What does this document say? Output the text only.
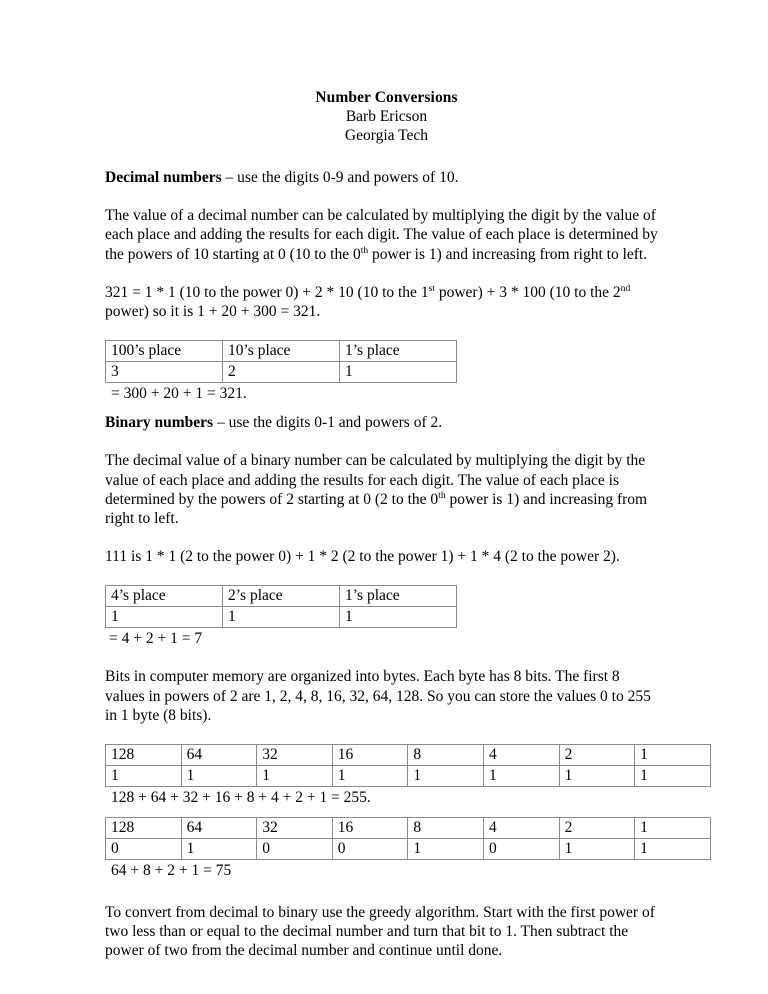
Number Conversions
Barb Ericson
Georgia Tech

Decimal numbers – use the digits 0-9 and powers of 10.

The value of a decimal number can be calculated by multiplying the digit by the value of each place and adding the results for each digit. The value of each place is determined by the powers of 10 starting at 0 (10 to the 0th power is 1) and increasing from right to left.

321 = 1 * 1 (10 to the power 0) + 2 * 10 (10 to the 1st power) + 3 * 100 (10 to the 2nd power) so it is 1 + 20 + 300 = 321.

100’s place	10’s place	1’s place
3	2	1
= 300 + 20 + 1 = 321.

Binary numbers – use the digits 0-1 and powers of 2.

The decimal value of a binary number can be calculated by multiplying the digit by the value of each place and adding the results for each digit. The value of each place is determined by the powers of 2 starting at 0 (2 to the 0th power is 1) and increasing from right to left.

111 is 1 * 1 (2 to the power 0) + 1 * 2 (2 to the power 1) + 1 * 4 (2 to the power 2).

4’s place	2’s place	1’s place
1	1	1
= 4 + 2 + 1 = 7

Bits in computer memory are organized into bytes. Each byte has 8 bits. The first 8 values in powers of 2 are 1, 2, 4, 8, 16, 32, 64, 128. So you can store the values 0 to 255 in 1 byte (8 bits).

128	64	32	16	8	4	2	1
1	1	1	1	1	1	1	1
128 + 64 + 32 + 16 + 8 + 4 + 2 + 1 = 255.
128	64	32	16	8	4	2	1
0	1	0	0	1	0	1	1
64 + 8 + 2 + 1 = 75

To convert from decimal to binary use the greedy algorithm. Start with the first power of two less than or equal to the decimal number and turn that bit to 1. Then subtract the power of two from the decimal number and continue until done.
